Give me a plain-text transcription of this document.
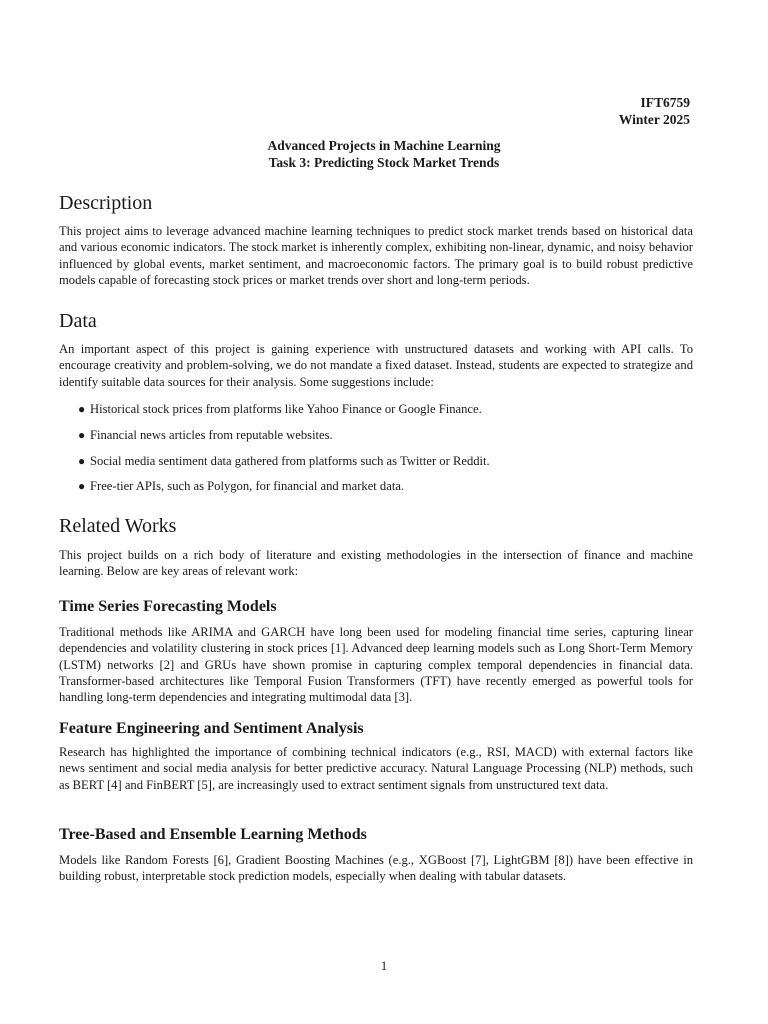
IFT6759
Winter 2025
Advanced Projects in Machine Learning
Task 3: Predicting Stock Market Trends
Description

This project aims to leverage advanced machine learning techniques to predict stock market trends based on historical data and various economic indicators. The stock market is inherently complex, exhibiting non-linear, dynamic, and noisy behavior influenced by global events, market sentiment, and macroeconomic factors. The primary goal is to build robust predictive models capable of forecasting stock prices or market trends over short and long-term periods.

Data

An important aspect of this project is gaining experience with unstructured datasets and working with API calls. To encourage creativity and problem-solving, we do not mandate a fixed dataset. Instead, students are expected to strategize and identify suitable data sources for their analysis. Some suggestions include:

● Historical stock prices from platforms like Yahoo Finance or Google Finance.
● Financial news articles from reputable websites.
● Social media sentiment data gathered from platforms such as Twitter or Reddit.
● Free-tier APIs, such as Polygon, for financial and market data.
Related Works

This project builds on a rich body of literature and existing methodologies in the intersection of finance and machine learning. Below are key areas of relevant work:

Time Series Forecasting Models

Traditional methods like ARIMA and GARCH have long been used for modeling financial time series, capturing linear dependencies and volatility clustering in stock prices [1]. Advanced deep learning models such as Long Short-Term Memory (LSTM) networks [2] and GRUs have shown promise in capturing complex temporal dependencies in financial data. Transformer-based architectures like Temporal Fusion Transformers (TFT) have recently emerged as powerful tools for handling long-term dependencies and integrating multimodal data [3].

Feature Engineering and Sentiment Analysis

Research has highlighted the importance of combining technical indicators (e.g., RSI, MACD) with external factors like news sentiment and social media analysis for better predictive accuracy. Natural Language Processing (NLP) methods, such as BERT [4] and FinBERT [5], are increasingly used to extract sentiment signals from unstructured text data.

Tree-Based and Ensemble Learning Methods

Models like Random Forests [6], Gradient Boosting Machines (e.g., XGBoost [7], LightGBM [8]) have been effective in building robust, interpretable stock prediction models, especially when dealing with tabular datasets.

1
